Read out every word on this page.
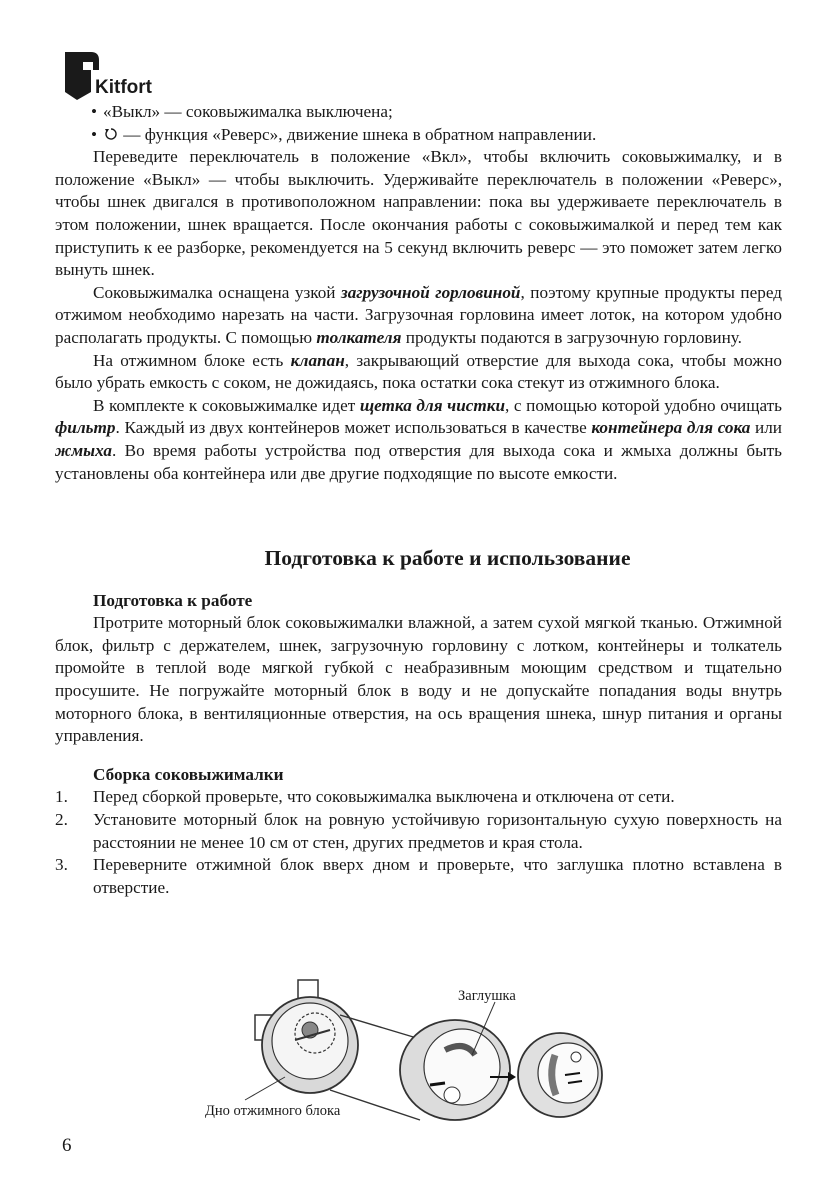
Kitfort
•
«Выкл» — соковыжималка выключена;
•
— функция «Реверс», движение шнека в обратном направлении.

Переведите переключатель в положение «Вкл», чтобы включить соковыжималку, и в положение «Выкл» — чтобы выключить. Удерживайте переключатель в положении «Реверс», чтобы шнек двигался в противоположном направлении: пока вы удерживаете переключатель в этом положении, шнек вращается. После окончания работы с соковыжималкой и перед тем как приступить к ее разборке, рекомендуется на 5 секунд включить реверс — это поможет затем легко вынуть шнек.

Соковыжималка оснащена узкой загрузочной горловиной, поэтому крупные продукты перед отжимом необходимо нарезать на части. Загрузочная горловина имеет лоток, на котором удобно располагать продукты. С помощью толкателя продукты подаются в загрузочную горловину.

На отжимном блоке есть клапан, закрывающий отверстие для выхода сока, чтобы можно было убрать емкость с соком, не дожидаясь, пока остатки сока стекут из отжимного блока.

В комплекте к соковыжималке идет щетка для чистки, с помощью которой удобно очищать фильтр. Каждый из двух контейнеров может использоваться в качестве контейнера для сока или жмыха. Во время работы устройства под отверстия для выхода сока и жмыха должны быть установлены оба контейнера или две другие подходящие по высоте емкости.

Подготовка к работе и использование
Подготовка к работе

Протрите моторный блок соковыжималки влажной, а затем сухой мягкой тканью. Отжимной блок, фильтр с держателем, шнек, загрузочную горловину с лотком, контейнеры и толкатель промойте в теплой воде мягкой губкой с неабразивным моющим средством и тщательно просушите. Не погружайте моторный блок в воду и не допускайте попадания воды внутрь моторного блока, в вентиляционные отверстия, на ось вращения шнека, шнур питания и органы управления.

Сборка соковыжималки
1.	Перед сборкой проверьте, что соковыжималка выключена и отключена от сети.
2.	Установите моторный блок на ровную устойчивую горизонтальную сухую поверхность на расстоянии не менее 10 см от стен, других предметов и края стола.
3.	Переверните отжимной блок вверх дном и проверьте, что заглушка плотно вставлена в отверстие.
Заглушка
Дно отжимного блока
6
